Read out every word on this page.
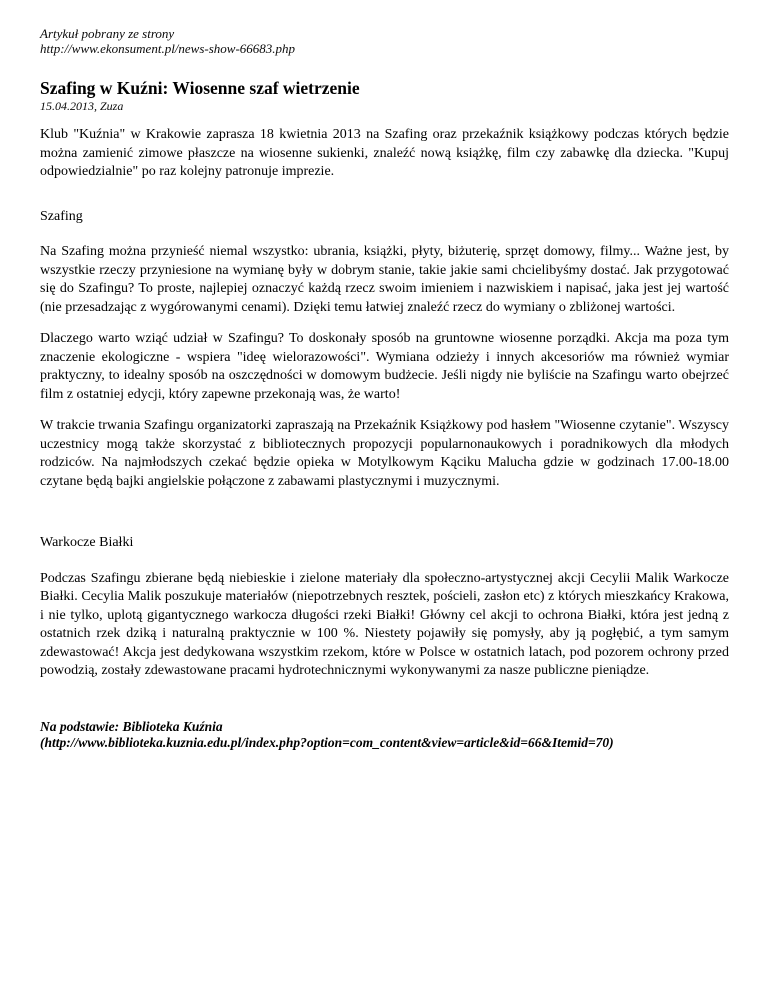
Artykuł pobrany ze strony
http://www.ekonsument.pl/news-show-66683.php
Szafing w Kuźni: Wiosenne szaf wietrzenie
15.04.2013, Zuza

Klub "Kuźnia" w Krakowie zaprasza 18 kwietnia 2013 na Szafing oraz przekaźnik książkowy podczas których będzie można zamienić zimowe płaszcze na wiosenne sukienki, znaleźć nową książkę, film czy zabawkę dla dziecka. "Kupuj odpowiedzialnie" po raz kolejny patronuje imprezie.

Szafing

Na Szafing można przynieść niemal wszystko: ubrania, książki, płyty, biżuterię, sprzęt domowy, filmy... Ważne jest, by wszystkie rzeczy przyniesione na wymianę były w dobrym stanie, takie jakie sami chcielibyśmy dostać. Jak przygotować się do Szafingu? To proste, najlepiej oznaczyć każdą rzecz swoim imieniem i nazwiskiem i napisać, jaka jest jej wartość (nie przesadzając z wygórowanymi cenami). Dzięki temu łatwiej znaleźć rzecz do wymiany o zbliżonej wartości.

Dlaczego warto wziąć udział w Szafingu? To doskonały sposób na gruntowne wiosenne porządki. Akcja ma poza tym znaczenie ekologiczne - wspiera "ideę wielorazowości". Wymiana odzieży i innych akcesoriów ma również wymiar praktyczny, to idealny sposób na oszczędności w domowym budżecie. Jeśli nigdy nie byliście na Szafingu warto obejrzeć film z ostatniej edycji, który zapewne przekonają was, że warto!

W trakcie trwania Szafingu organizatorki zapraszają na Przekaźnik Książkowy pod hasłem "Wiosenne czytanie". Wszyscy uczestnicy mogą także skorzystać z bibliotecznych propozycji popularnonaukowych i poradnikowych dla młodych rodziców. Na najmłodszych czekać będzie opieka w Motylkowym Kąciku Malucha gdzie w godzinach 17.00-18.00 czytane będą bajki angielskie połączone z zabawami plastycznymi i muzycznymi.

Warkocze Białki

Podczas Szafingu zbierane będą niebieskie i zielone materiały dla społeczno-artystycznej akcji Cecylii Malik Warkocze Białki. Cecylia Malik poszukuje materiałów (niepotrzebnych resztek, pościeli, zasłon etc) z których mieszkańcy Krakowa, i nie tylko, uplotą gigantycznego warkocza długości rzeki Białki! Główny cel akcji to ochrona Białki, która jest jedną z ostatnich rzek dziką i naturalną praktycznie w 100 %. Niestety pojawiły się pomysły, aby ją pogłębić, a tym samym zdewastować! Akcja jest dedykowana wszystkim rzekom, które w Polsce w ostatnich latach, pod pozorem ochrony przed powodzią, zostały zdewastowane pracami hydrotechnicznymi wykonywanymi za nasze publiczne pieniądze.

Na podstawie: Biblioteka Kuźnia
(http://www.biblioteka.kuznia.edu.pl/index.php?option=com_content&view=article&id=66&Itemid=70)
